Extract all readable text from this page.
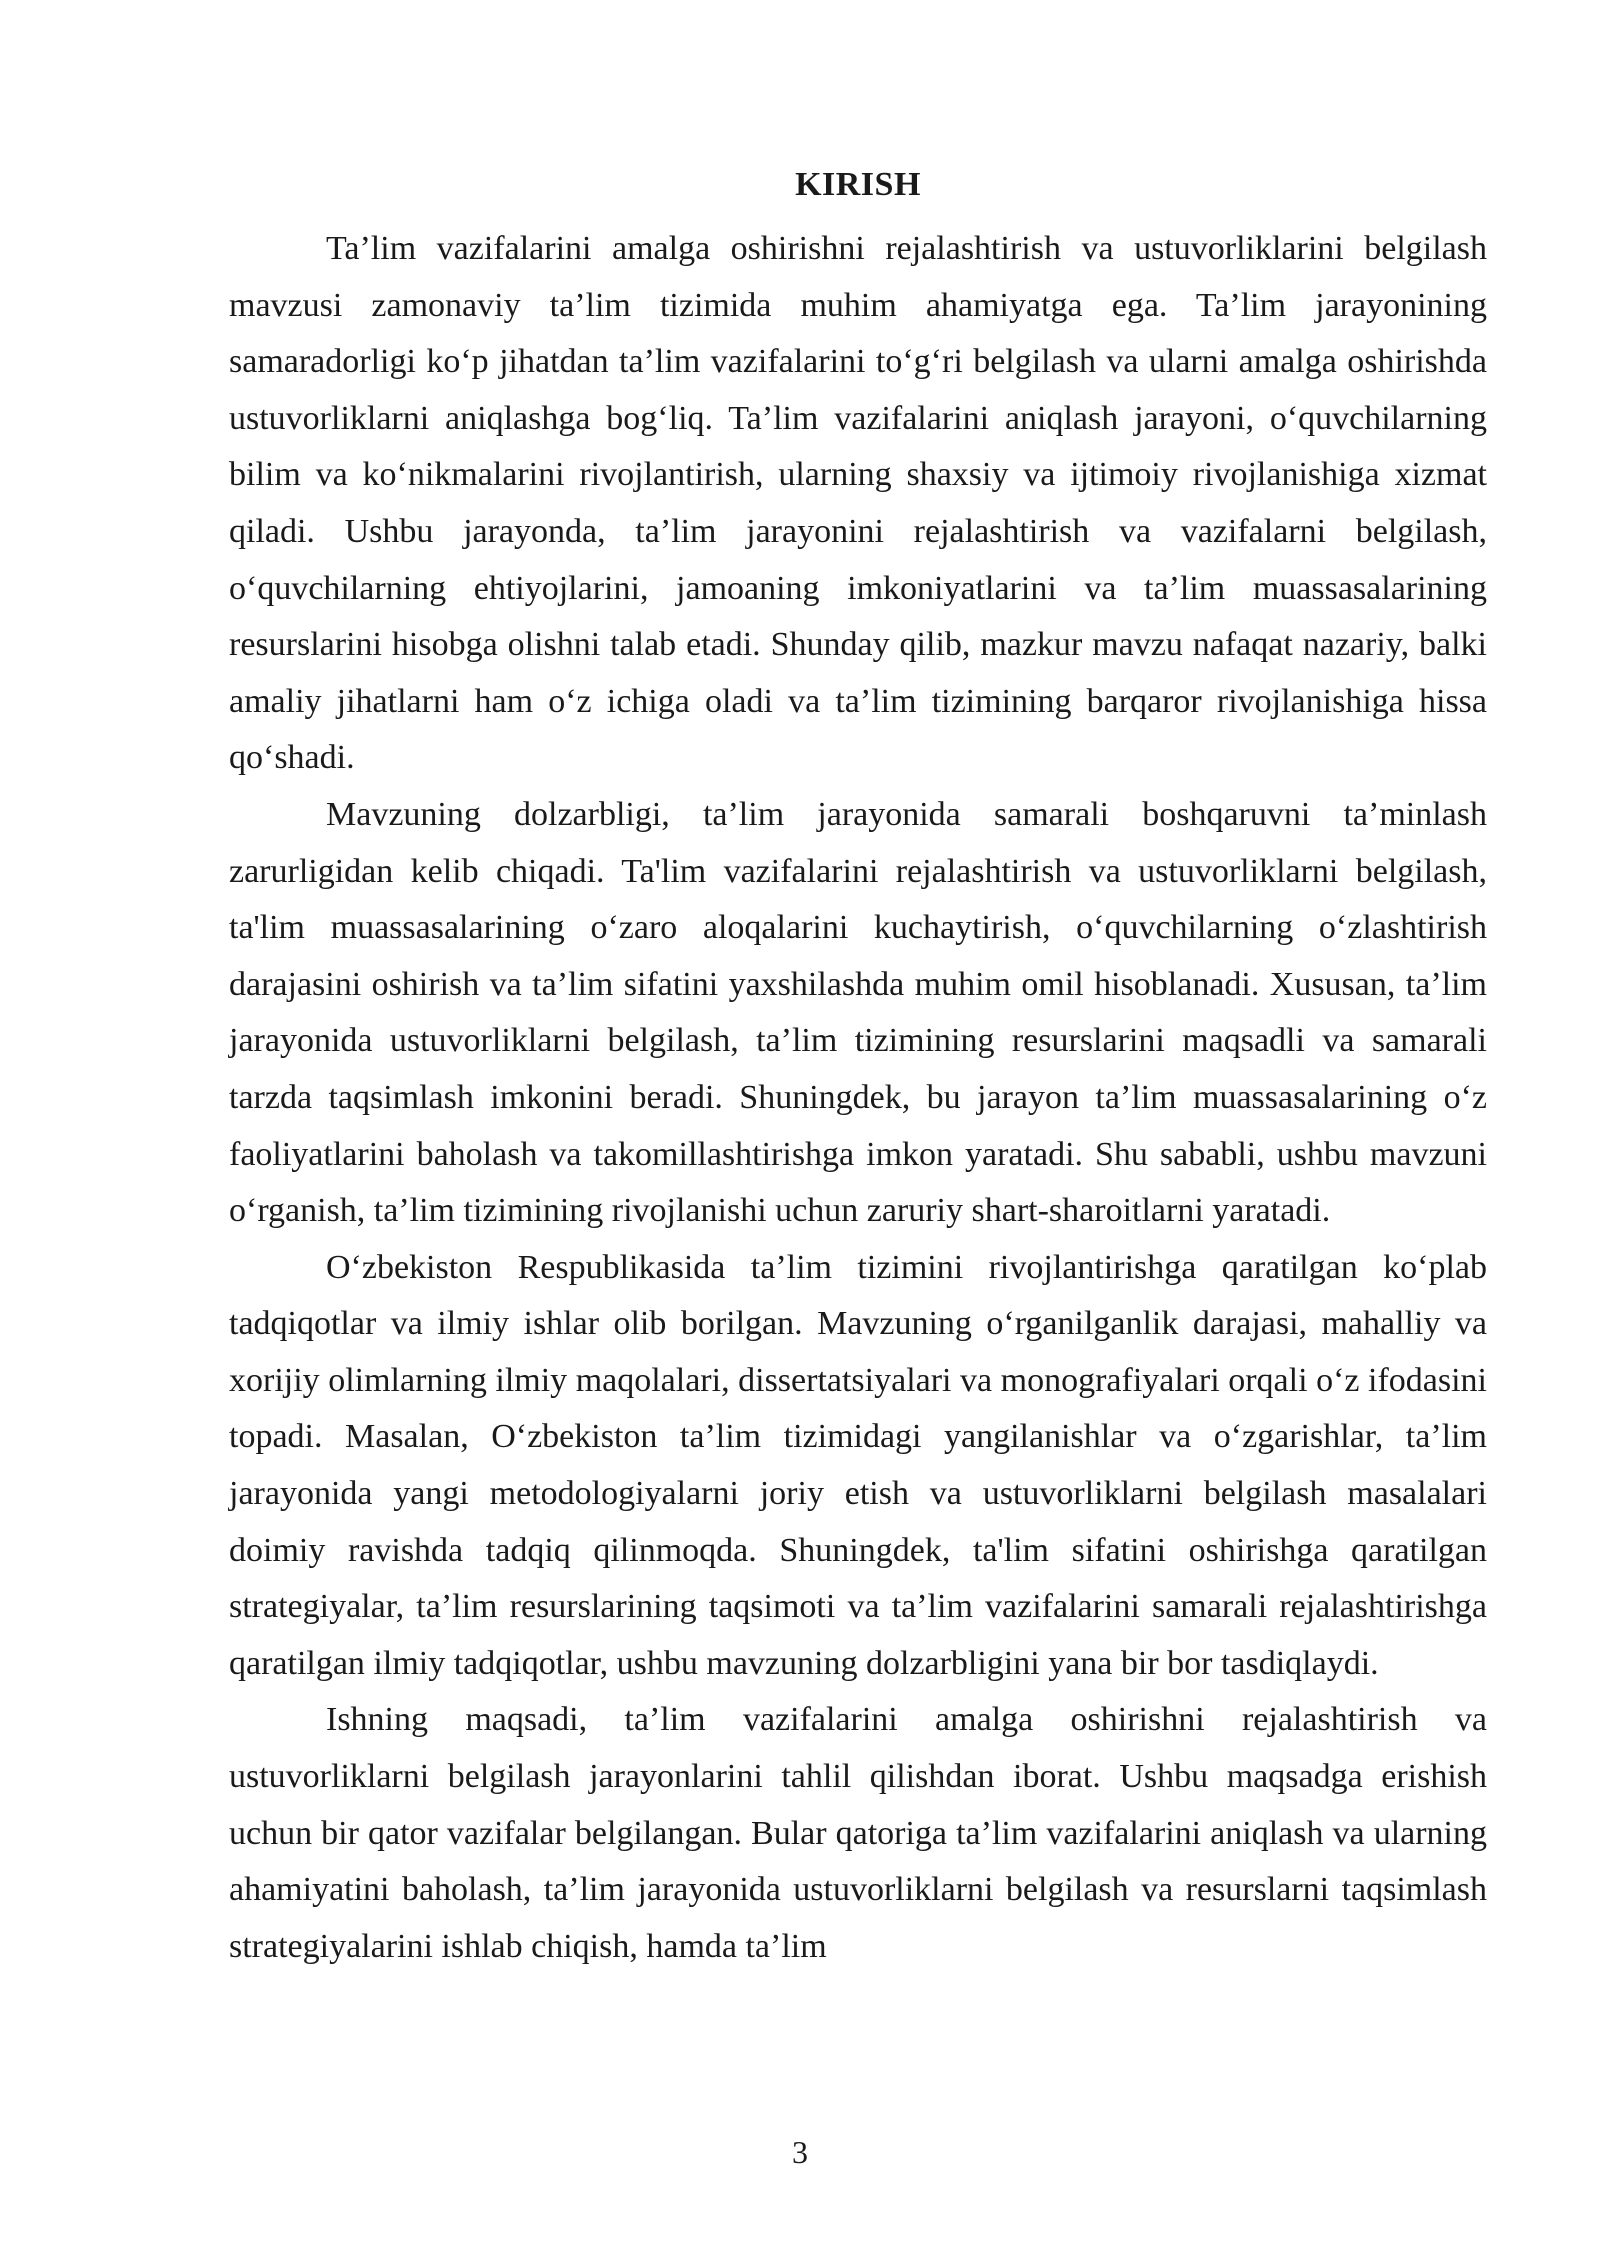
KIRISH

Ta’lim vazifalarini amalga oshirishni rejalashtirish va ustuvorliklarini belgilash mavzusi zamonaviy ta’lim tizimida muhim ahamiyatga ega. Ta’lim jarayonining samaradorligi ko‘p jihatdan ta’lim vazifalarini to‘g‘ri belgilash va ularni amalga oshirishda ustuvorliklarni aniqlashga bog‘liq. Ta’lim vazifalarini aniqlash jarayoni, o‘quvchilarning bilim va ko‘nikmalarini rivojlantirish, ularning shaxsiy va ijtimoiy rivojlanishiga xizmat qiladi. Ushbu jarayonda, ta’lim jarayonini rejalashtirish va vazifalarni belgilash, o‘quvchilarning ehtiyojlarini, jamoaning imkoniyatlarini va ta’lim muassasalarining resurslarini hisobga olishni talab etadi. Shunday qilib, mazkur mavzu nafaqat nazariy, balki amaliy jihatlarni ham o‘z ichiga oladi va ta’lim tizimining barqaror rivojlanishiga hissa qo‘shadi.

Mavzuning dolzarbligi, ta’lim jarayonida samarali boshqaruvni ta’minlash zarurligidan kelib chiqadi. Ta'lim vazifalarini rejalashtirish va ustuvorliklarni belgilash, ta'lim muassasalarining o‘zaro aloqalarini kuchaytirish, o‘quvchilarning o‘zlashtirish darajasini oshirish va ta’lim sifatini yaxshilashda muhim omil hisoblanadi. Xususan, ta’lim jarayonida ustuvorliklarni belgilash, ta’lim tizimining resurslarini maqsadli va samarali tarzda taqsimlash imkonini beradi. Shuningdek, bu jarayon ta’lim muassasalarining o‘z faoliyatlarini baholash va takomillashtirishga imkon yaratadi. Shu sababli, ushbu mavzuni o‘rganish, ta’lim tizimining rivojlanishi uchun zaruriy shart-sharoitlarni yaratadi.

O‘zbekiston Respublikasida ta’lim tizimini rivojlantirishga qaratilgan ko‘plab tadqiqotlar va ilmiy ishlar olib borilgan. Mavzuning o‘rganilganlik darajasi, mahalliy va xorijiy olimlarning ilmiy maqolalari, dissertatsiyalari va monografiyalari orqali o‘z ifodasini topadi. Masalan, O‘zbekiston ta’lim tizimidagi yangilanishlar va o‘zgarishlar, ta’lim jarayonida yangi metodologiyalarni joriy etish va ustuvorliklarni belgilash masalalari doimiy ravishda tadqiq qilinmoqda. Shuningdek, ta'lim sifatini oshirishga qaratilgan strategiyalar, ta’lim resurslarining taqsimoti va ta’lim vazifalarini samarali rejalashtirishga qaratilgan ilmiy tadqiqotlar, ushbu mavzuning dolzarbligini yana bir bor tasdiqlaydi.

Ishning maqsadi, ta’lim vazifalarini amalga oshirishni rejalashtirish va ustuvorliklarni belgilash jarayonlarini tahlil qilishdan iborat. Ushbu maqsadga erishish uchun bir qator vazifalar belgilangan. Bular qatoriga ta’lim vazifalarini aniqlash va ularning ahamiyatini baholash, ta’lim jarayonida ustuvorliklarni belgilash va resurslarni taqsimlash strategiyalarini ishlab chiqish, hamda ta’lim

3
